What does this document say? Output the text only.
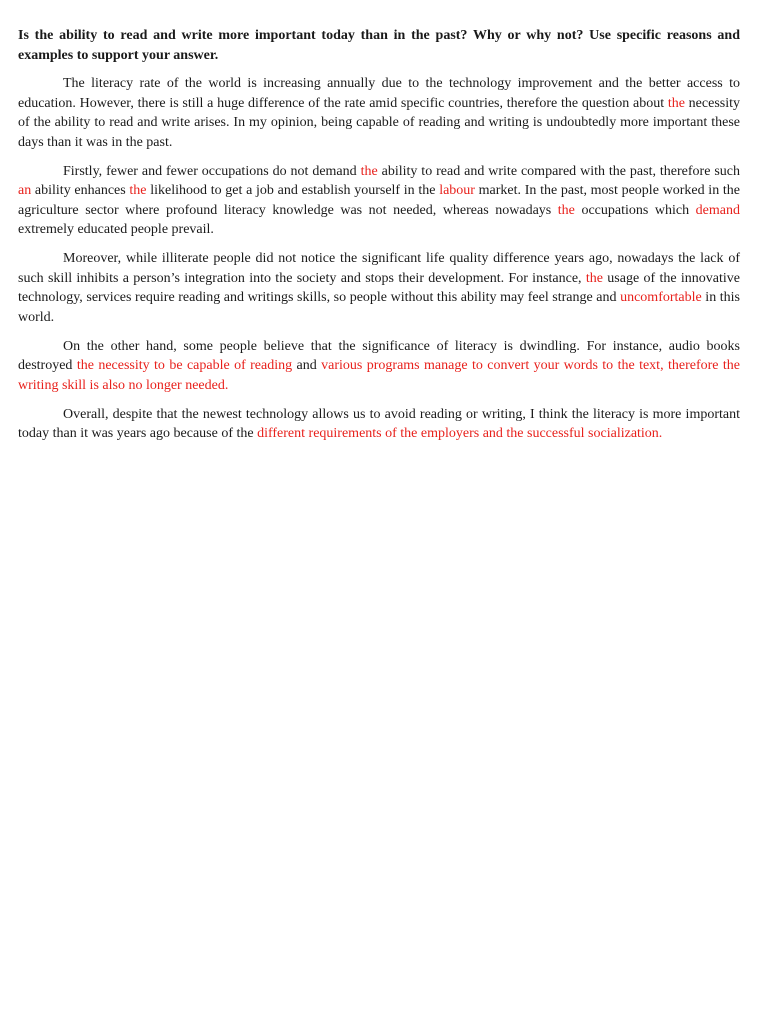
Is the ability to read and write more important today than in the past? Why or why not? Use specific reasons and examples to support your answer.

The literacy rate of the world is increasing annually due to the technology improvement and the better access to education. However, there is still a huge difference of the rate amid specific countries, therefore the question about the necessity of the ability to read and write arises. In my opinion, being capable of reading and writing is undoubtedly more important these days than it was in the past.

Firstly, fewer and fewer occupations do not demand the ability to read and write compared with the past, therefore such an ability enhances the likelihood to get a job and establish yourself in the labour market. In the past, most people worked in the agriculture sector where profound literacy knowledge was not needed, whereas nowadays the occupations which demand extremely educated people prevail.

Moreover, while illiterate people did not notice the significant life quality difference years ago, nowadays the lack of such skill inhibits a person’s integration into the society and stops their development. For instance, the usage of the innovative technology, services require reading and writings skills, so people without this ability may feel strange and uncomfortable in this world.

On the other hand, some people believe that the significance of literacy is dwindling. For instance, audio books destroyed the necessity to be capable of reading and various programs manage to convert your words to the text, therefore the writing skill is also no longer needed.

Overall, despite that the newest technology allows us to avoid reading or writing, I think the literacy is more important today than it was years ago because of the different requirements of the employers and the successful socialization.
